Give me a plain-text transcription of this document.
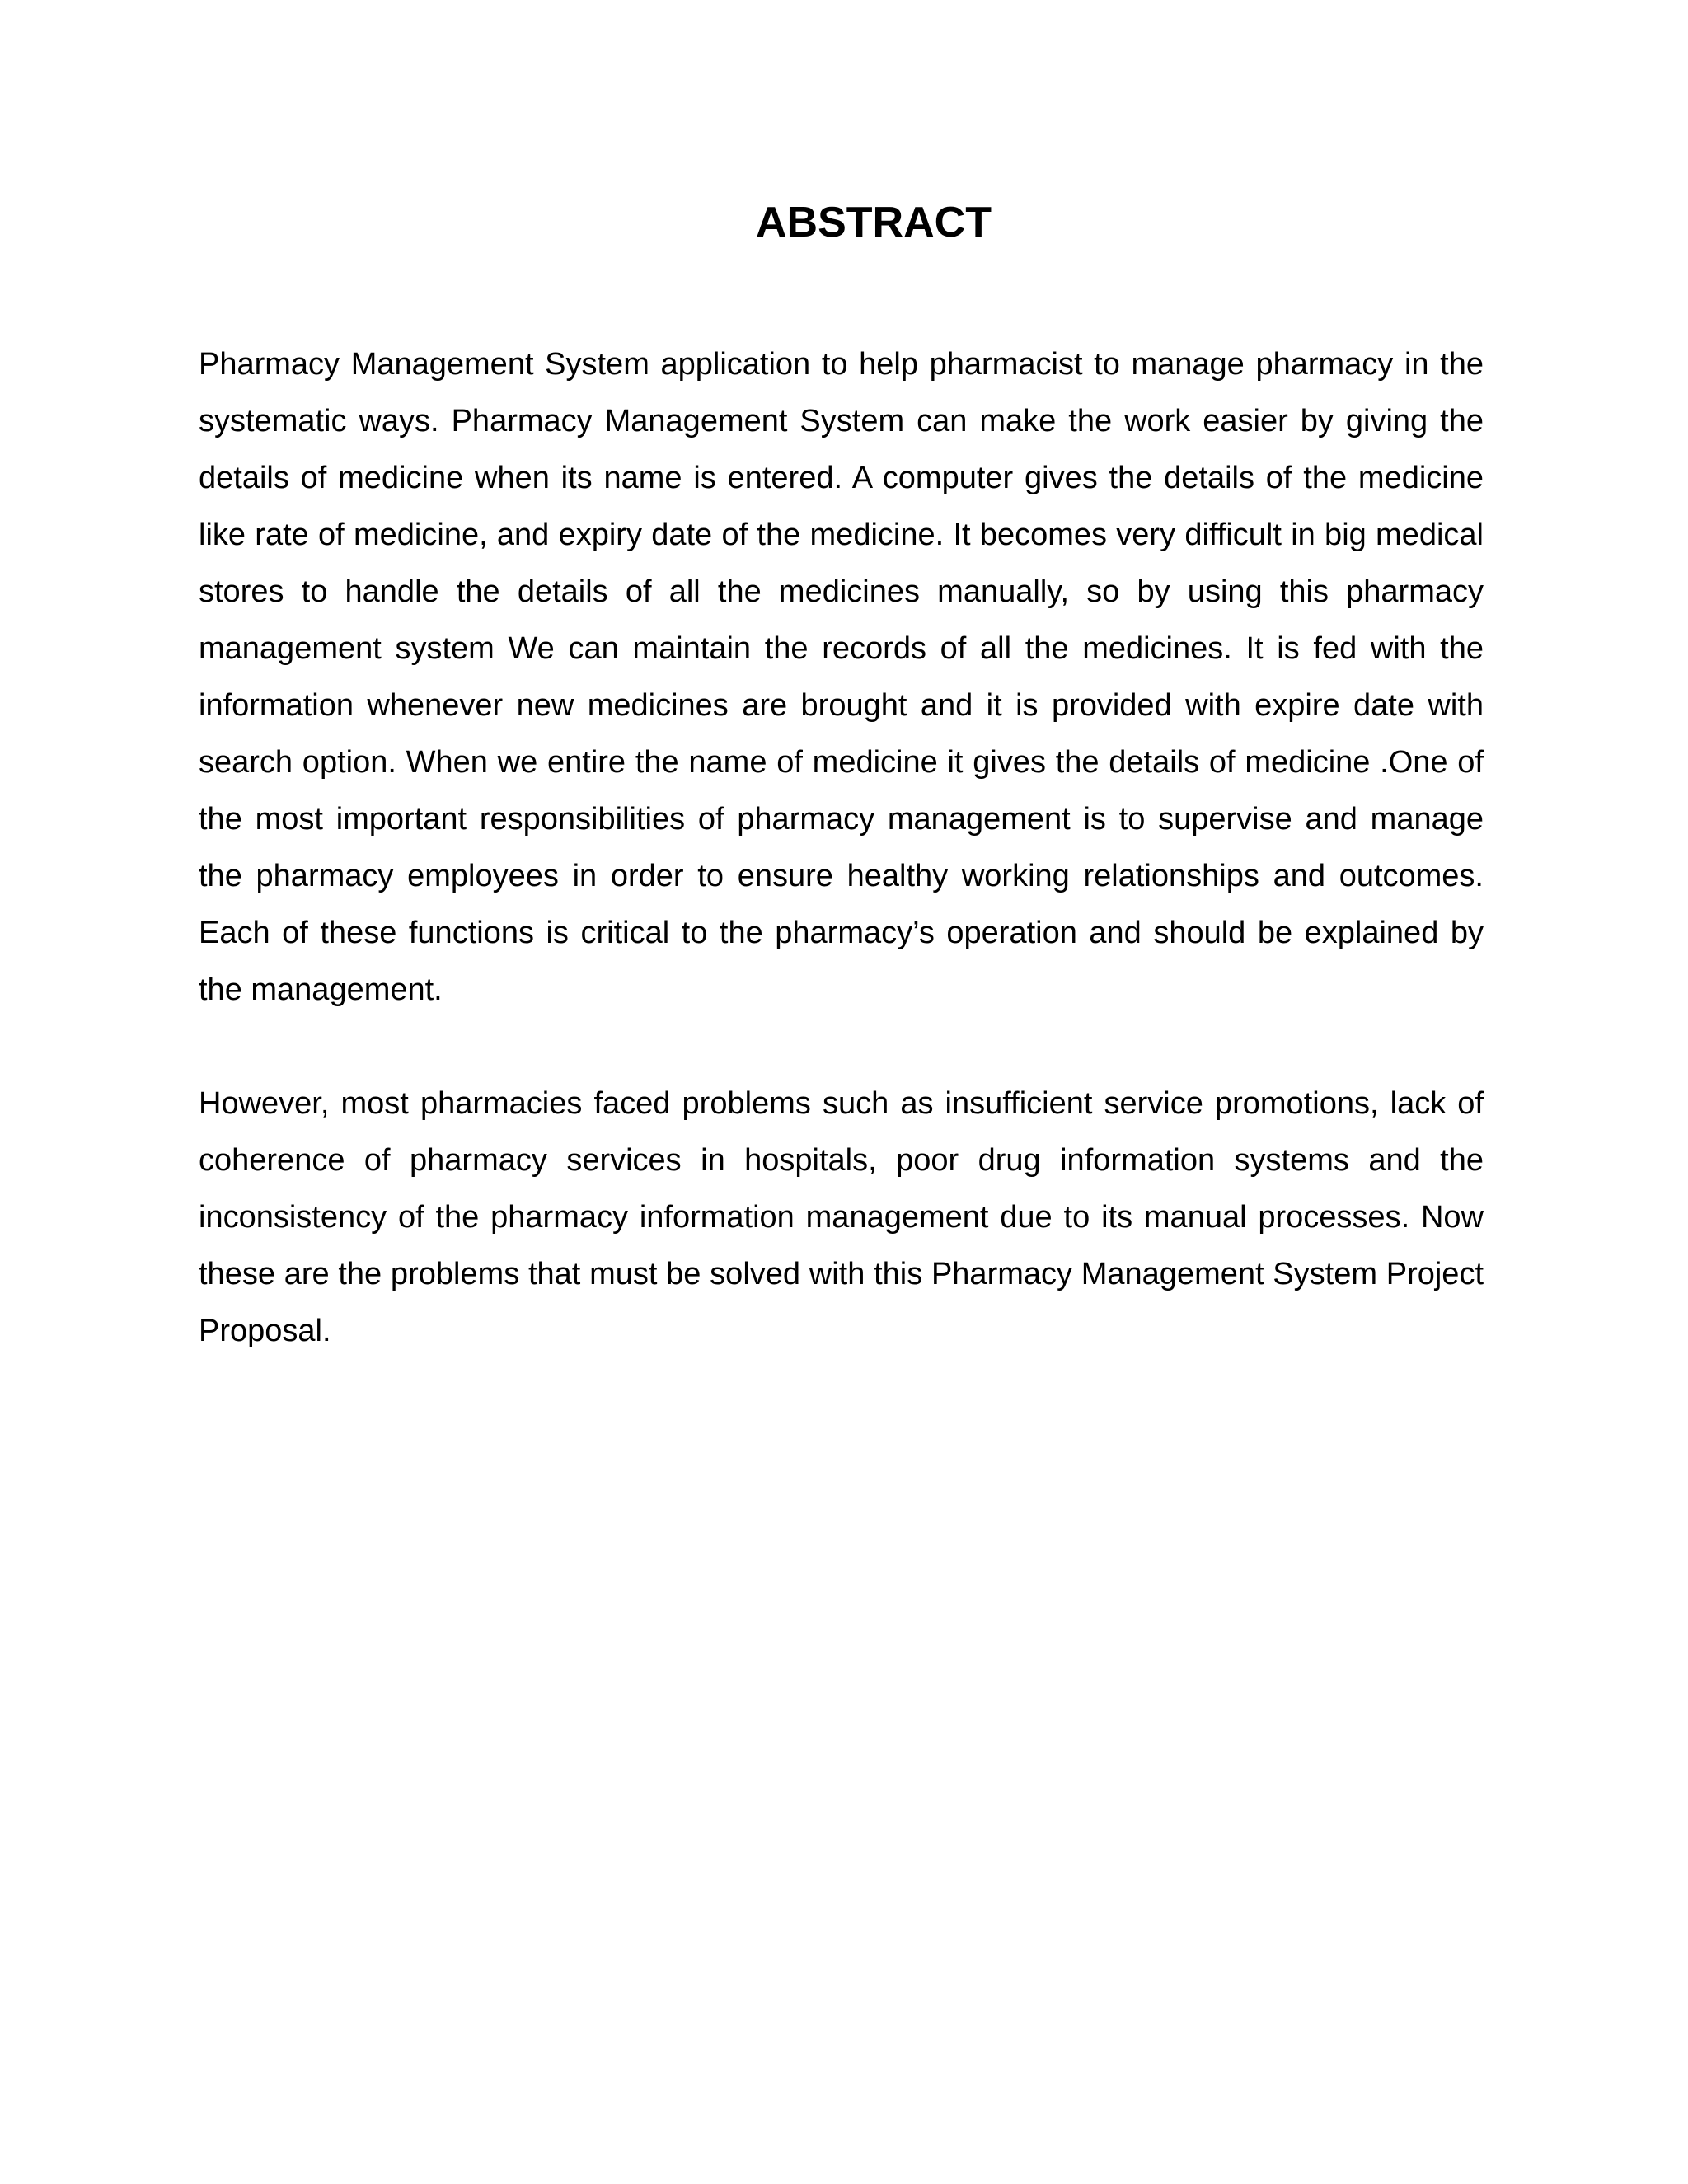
ABSTRACT

Pharmacy Management System application to help pharmacist to manage pharmacy in the systematic ways. Pharmacy Management System can make the work easier by giving the details of medicine when its name is entered. A computer gives the details of the medicine like rate of medicine, and expiry date of the medicine. It becomes very difficult in big medical stores to handle the details of all the medicines manually, so by using this pharmacy management system We can maintain the records of all the medicines. It is fed with the information whenever new medicines are brought and it is provided with expire date with search option. When we entire the name of medicine it gives the details of medicine .One of the most important responsibilities of pharmacy management is to supervise and manage the pharmacy employees in order to ensure healthy working relationships and outcomes. Each of these functions is critical to the pharmacy’s operation and should be explained by the management.

However, most pharmacies faced problems such as insufficient service promotions, lack of coherence of pharmacy services in hospitals, poor drug information systems and the inconsistency of the pharmacy information management due to its manual processes. Now these are the problems that must be solved with this Pharmacy Management System Project Proposal.
